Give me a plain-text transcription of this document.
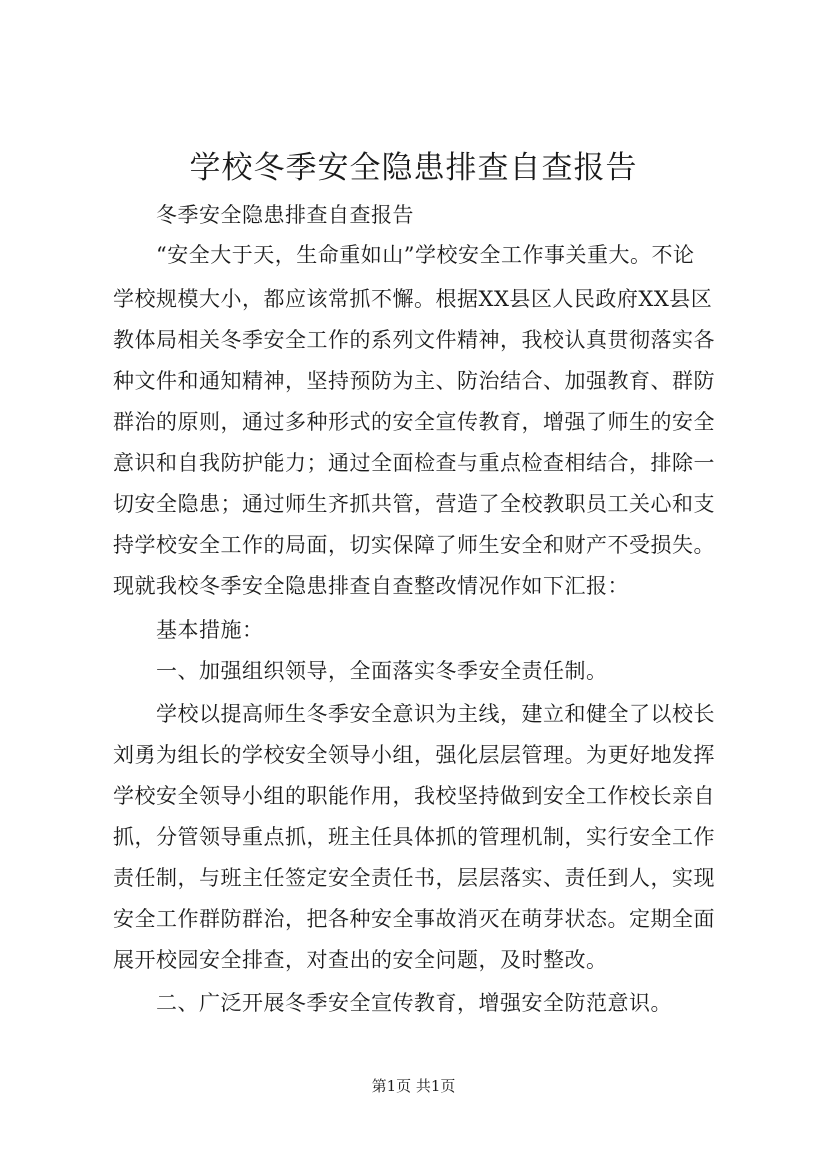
学校冬季安全隐患排查自查报告
冬季安全隐患排查自查报告
“安全大于天，生命重如山”学校安全工作事关重大。不论
学校规模大小，都应该常抓不懈。根据XX县区人民政府XX县区
教体局相关冬季安全工作的系列文件精神，我校认真贯彻落实各
种文件和通知精神，坚持预防为主、防治结合、加强教育、群防
群治的原则，通过多种形式的安全宣传教育，增强了师生的安全
意识和自我防护能力；通过全面检查与重点检查相结合，排除一
切安全隐患；通过师生齐抓共管，营造了全校教职员工关心和支
持学校安全工作的局面，切实保障了师生安全和财产不受损失。
现就我校冬季安全隐患排查自查整改情况作如下汇报：
基本措施：
一、加强组织领导，全面落实冬季安全责任制。
学校以提高师生冬季安全意识为主线，建立和健全了以校长
刘勇为组长的学校安全领导小组，强化层层管理。为更好地发挥
学校安全领导小组的职能作用，我校坚持做到安全工作校长亲自
抓，分管领导重点抓，班主任具体抓的管理机制，实行安全工作
责任制，与班主任签定安全责任书，层层落实、责任到人，实现
安全工作群防群治，把各种安全事故消灭在萌芽状态。定期全面
展开校园安全排查，对查出的安全问题，及时整改。
二、广泛开展冬季安全宣传教育，增强安全防范意识。
第1页 共1页
